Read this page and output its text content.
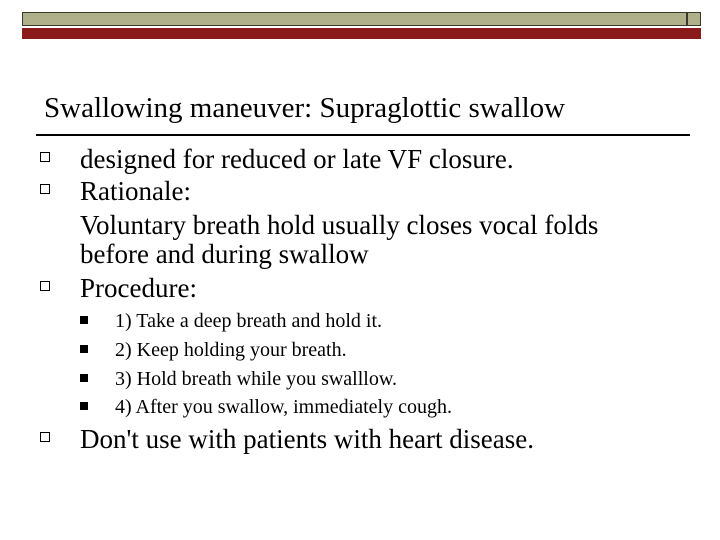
Swallowing maneuver: Supraglottic swallow
designed for reduced or late VF closure.
Rationale:
Voluntary breath hold usually closes vocal folds
before and during swallow
Procedure:
1) Take a deep breath and hold it.
2) Keep holding your breath.
3) Hold breath while you swalllow.
4) After you swallow, immediately cough.
Don't use with patients with heart disease.
